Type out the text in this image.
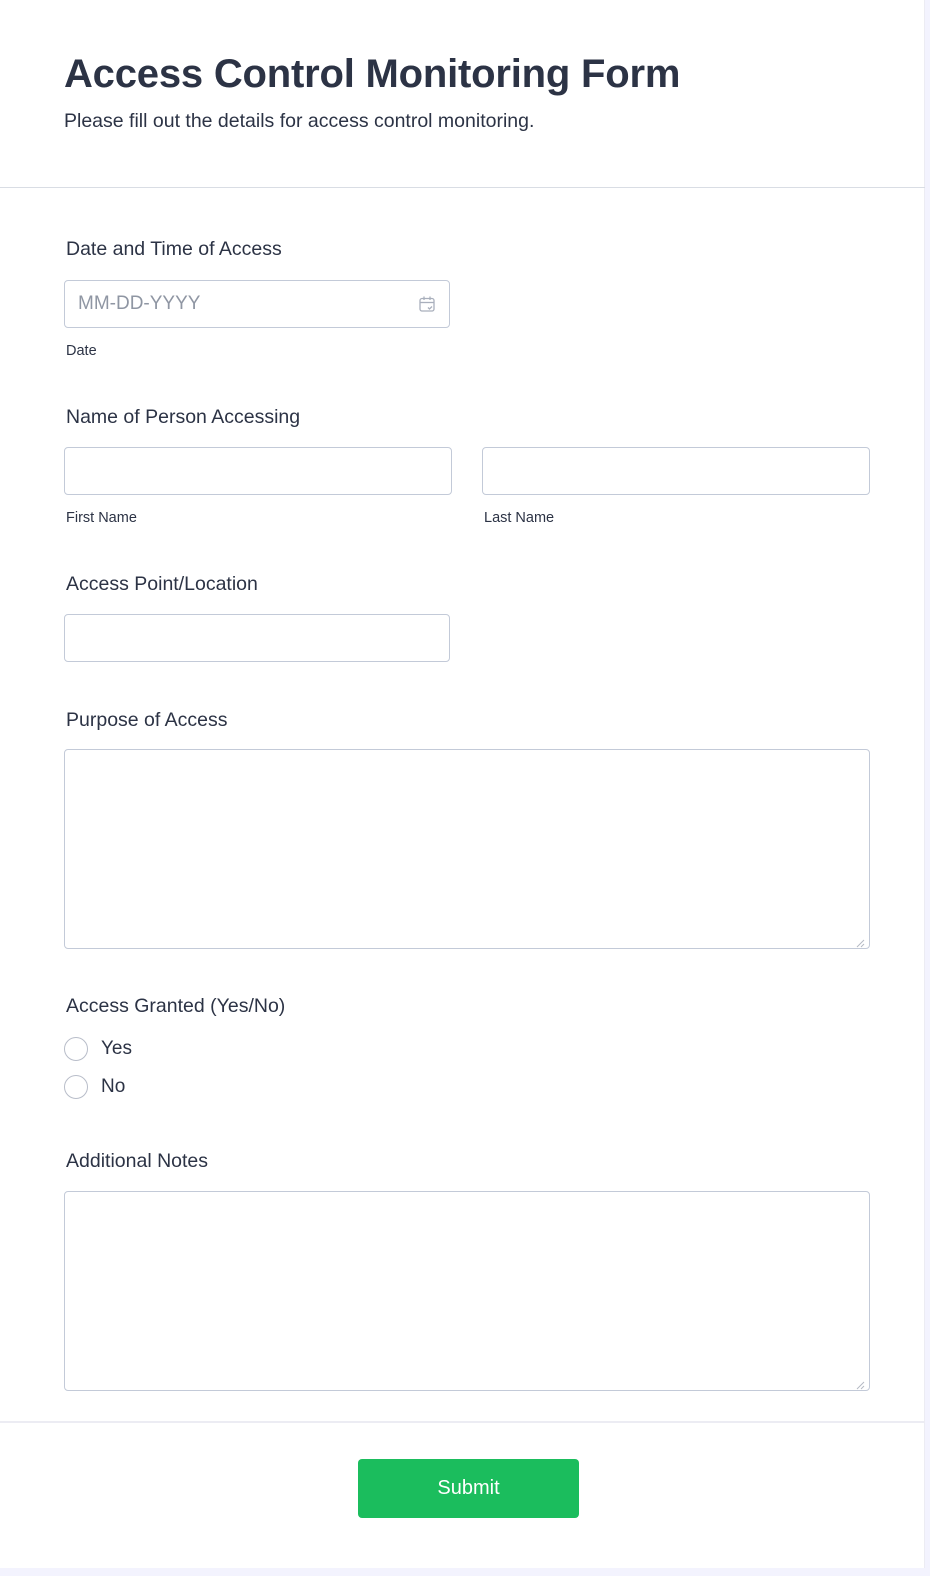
Access Control Monitoring Form

Please fill out the details for access control monitoring.

Date and Time of Access
MM-DD-YYYY
Date
Name of Person Accessing
First Name	Last Name
Access Point/Location
Purpose of Access
Access Granted (Yes/No)
Yes
No
Additional Notes
Submit
